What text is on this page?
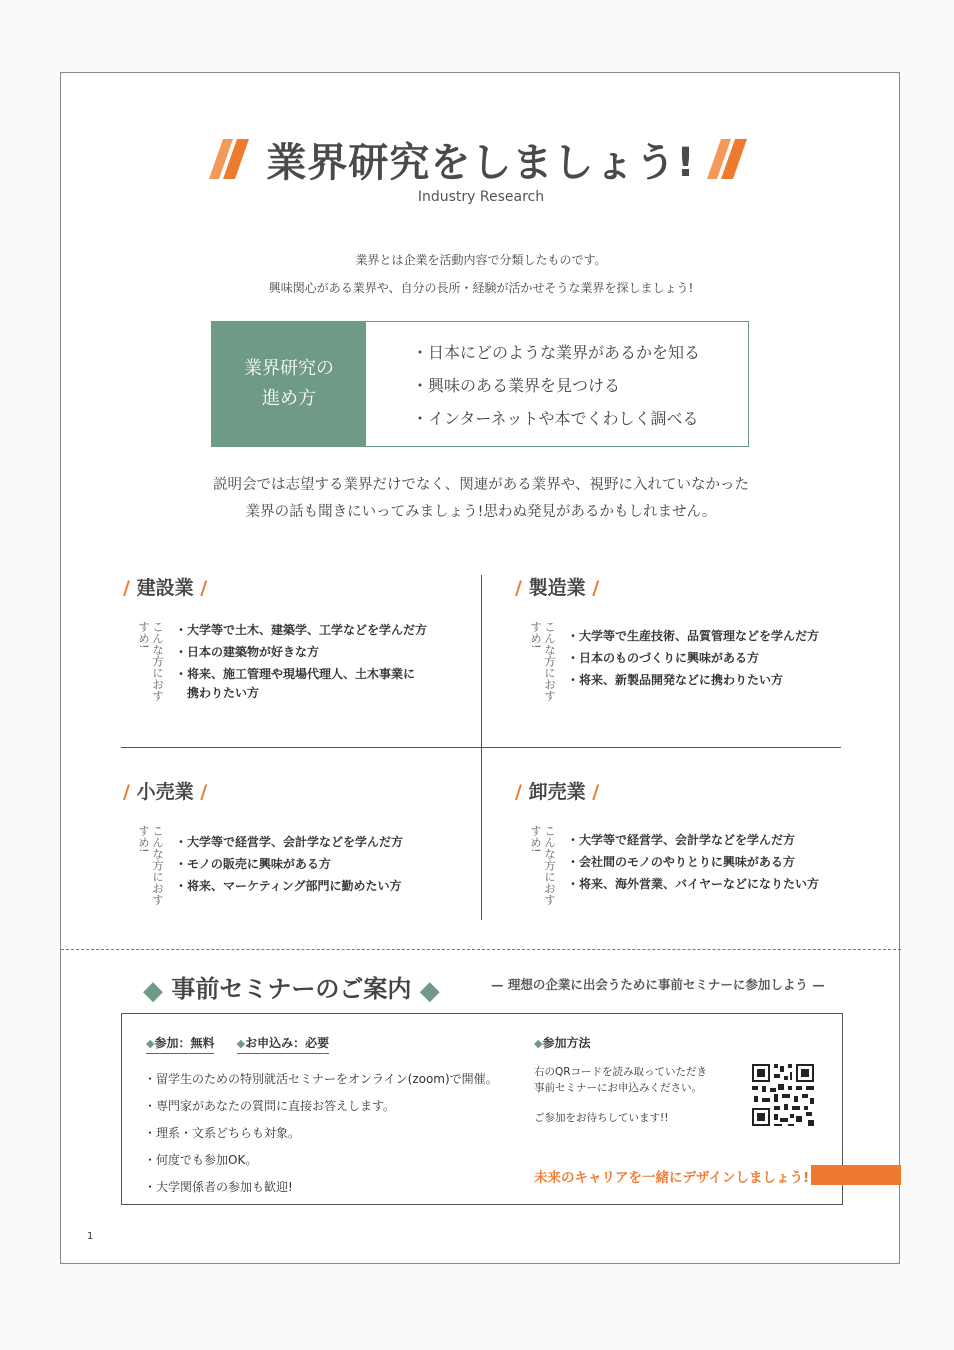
業界研究をしましょう!
Industry Research
業界とは企業を活動内容で分類したものです。
興味関心がある業界や、自分の長所・経験が活かせそうな業界を探しましょう!
業界研究の
進め方
・日本にどのような業界があるかを知る
・興味のある業界を見つける
・インターネットや本でくわしく調べる
説明会では志望する業界だけでなく、関連がある業界や、視野に入れていなかった
業界の話も聞きにいってみましょう!思わぬ発見があるかもしれません。
/ 建設業 /
こんな方におすすめ!	・大学等で土木、建築学、工学などを学んだ方
・日本の建築物が好きな方
・将来、施工管理や現場代理人、土木事業に
携わりたい方
/ 製造業 /
こんな方におすすめ!	・大学等で生産技術、品質管理などを学んだ方
・日本のものづくりに興味がある方
・将来、新製品開発などに携わりたい方
/ 小売業 /
こんな方におすすめ!	・大学等で経営学、会計学などを学んだ方
・モノの販売に興味がある方
・将来、マーケティング部門に勤めたい方
/ 卸売業 /
こんな方におすすめ!	・大学等で経営学、会計学などを学んだ方
・会社間のモノのやりとりに興味がある方
・将来、海外営業、バイヤーなどになりたい方
◆ 事前セミナーのご案内 ◆	— 理想の企業に出会うために事前セミナーに参加しよう —
◆参加：無料 ◆お申込み：必要
・留学生のための特別就活セミナーをオンライン(zoom)で開催。
・専門家があなたの質問に直接お答えします。
・理系・文系どちらも対象。
・何度でも参加OK。
・大学関係者の参加も歓迎!
◆参加方法
右のQRコードを読み取っていただき
事前セミナーにお申込みください。
ご参加をお待ちしています!!
未来のキャリアを一緒にデザインしましょう!
1
